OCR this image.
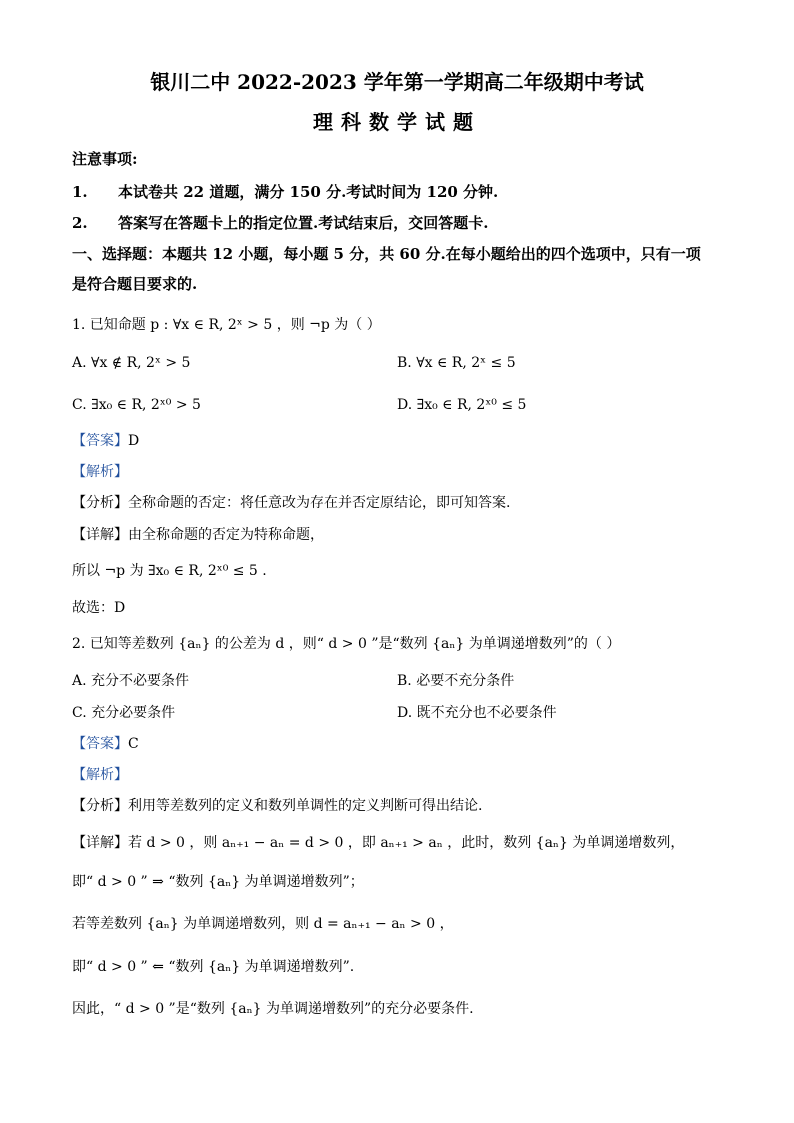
银川二中 2022-2023 学年第一学期高二年级期中考试
理科数学试题
注意事项:
1. 本试卷共 22 道题，满分 150 分.考试时间为 120 分钟.
2. 答案写在答题卡上的指定位置.考试结束后，交回答题卡.
一、选择题：本题共 12 小题，每小题 5 分，共 60 分.在每小题给出的四个选项中，只有一项
是符合题目要求的.
1. 已知命题 p : ∀x ∈ R, 2ˣ > 5 ，则 ¬p 为（ ）
A. ∀x ∉ R, 2ˣ > 5	B. ∀x ∈ R, 2ˣ ≤ 5
C. ∃x₀ ∈ R, 2ˣ⁰ > 5	D. ∃x₀ ∈ R, 2ˣ⁰ ≤ 5
【答案】D
【解析】
【分析】全称命题的否定：将任意改为存在并否定原结论，即可知答案.
【详解】由全称命题的否定为特称命题，
所以 ¬p 为 ∃x₀ ∈ R, 2ˣ⁰ ≤ 5 .
故选：D
2. 已知等差数列 {aₙ} 的公差为 d ，则“ d > 0 ”是“数列 {aₙ} 为单调递增数列”的（ ）
A. 充分不必要条件	B. 必要不充分条件
C. 充分必要条件	D. 既不充分也不必要条件
【答案】C
【解析】
【分析】利用等差数列的定义和数列单调性的定义判断可得出结论.
【详解】若 d > 0 ，则 aₙ₊₁ − aₙ = d > 0 ，即 aₙ₊₁ > aₙ ，此时，数列 {aₙ} 为单调递增数列，
即“ d > 0 ” ⇒ “数列 {aₙ} 为单调递增数列”；
若等差数列 {aₙ} 为单调递增数列，则 d = aₙ₊₁ − aₙ > 0 ，
即“ d > 0 ” ⇐ “数列 {aₙ} 为单调递增数列”.
因此，“ d > 0 ”是“数列 {aₙ} 为单调递增数列”的充分必要条件.
